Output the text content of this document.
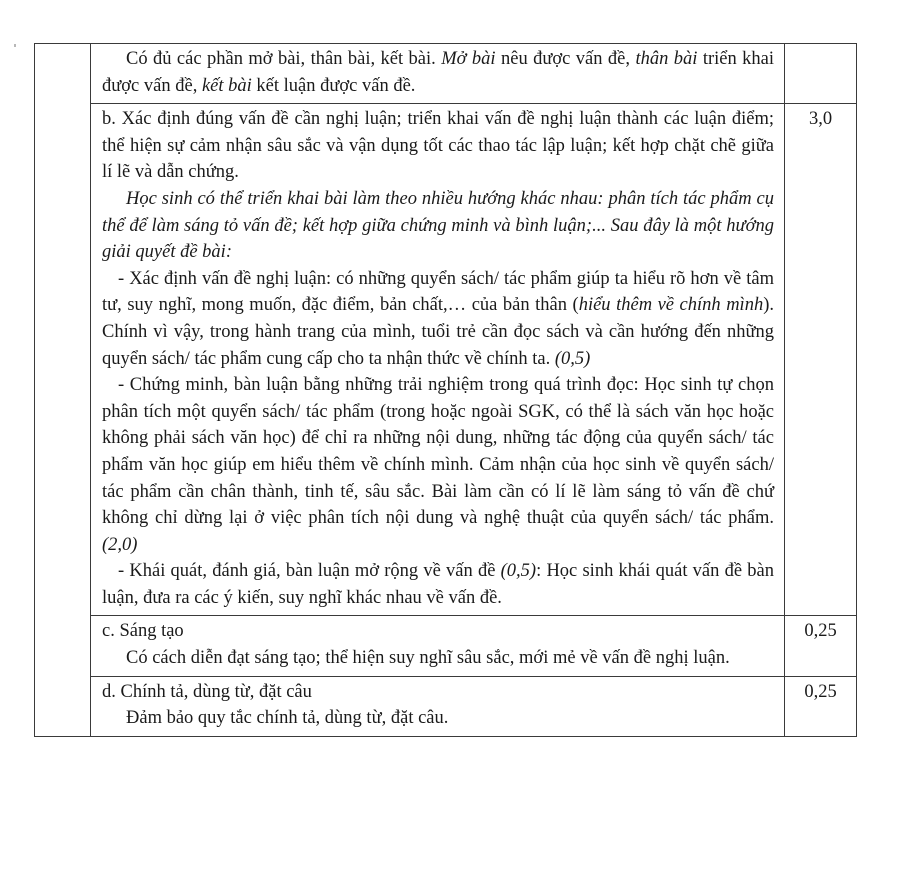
	Có đủ các phần mở bài, thân bài, kết bài. Mở bài nêu được vấn đề, thân bài triển khai được vấn đề, kết bài kết luận được vấn đề.	

	b. Xác định đúng vấn đề cần nghị luận; triển khai vấn đề nghị luận thành các luận điểm; thể hiện sự cảm nhận sâu sắc và vận dụng tốt các thao tác lập luận; kết hợp chặt chẽ giữa lí lẽ và dẫn chứng.

Học sinh có thể triển khai bài làm theo nhiều hướng khác nhau: phân tích tác phẩm cụ thể để làm sáng tỏ vấn đề; kết hợp giữa chứng minh và bình luận;... Sau đây là một hướng giải quyết đề bài:

- Xác định vấn đề nghị luận: có những quyển sách/ tác phẩm giúp ta hiểu rõ hơn về tâm tư, suy nghĩ, mong muốn, đặc điểm, bản chất,… của bản thân (hiểu thêm về chính mình). Chính vì vậy, trong hành trang của mình, tuổi trẻ cần đọc sách và cần hướng đến những quyển sách/ tác phẩm cung cấp cho ta nhận thức về chính ta. (0,5)

- Chứng minh, bàn luận bằng những trải nghiệm trong quá trình đọc: Học sinh tự chọn phân tích một quyển sách/ tác phẩm (trong hoặc ngoài SGK, có thể là sách văn học hoặc không phải sách văn học) để chỉ ra những nội dung, những tác động của quyển sách/ tác phẩm văn học giúp em hiểu thêm về chính mình. Cảm nhận của học sinh về quyển sách/ tác phẩm cần chân thành, tinh tế, sâu sắc. Bài làm cần có lí lẽ làm sáng tỏ vấn đề chứ không chỉ dừng lại ở việc phân tích nội dung và nghệ thuật của quyển sách/ tác phẩm. (2,0)

- Khái quát, đánh giá, bàn luận mở rộng về vấn đề (0,5): Học sinh khái quát vấn đề bàn luận, đưa ra các ý kiến, suy nghĩ khác nhau về vấn đề.	3,0

	c. Sáng tạo

Có cách diễn đạt sáng tạo; thể hiện suy nghĩ sâu sắc, mới mẻ về vấn đề nghị luận.	0,25

	d. Chính tả, dùng từ, đặt câu

Đảm bảo quy tắc chính tả, dùng từ, đặt câu.	0,25
